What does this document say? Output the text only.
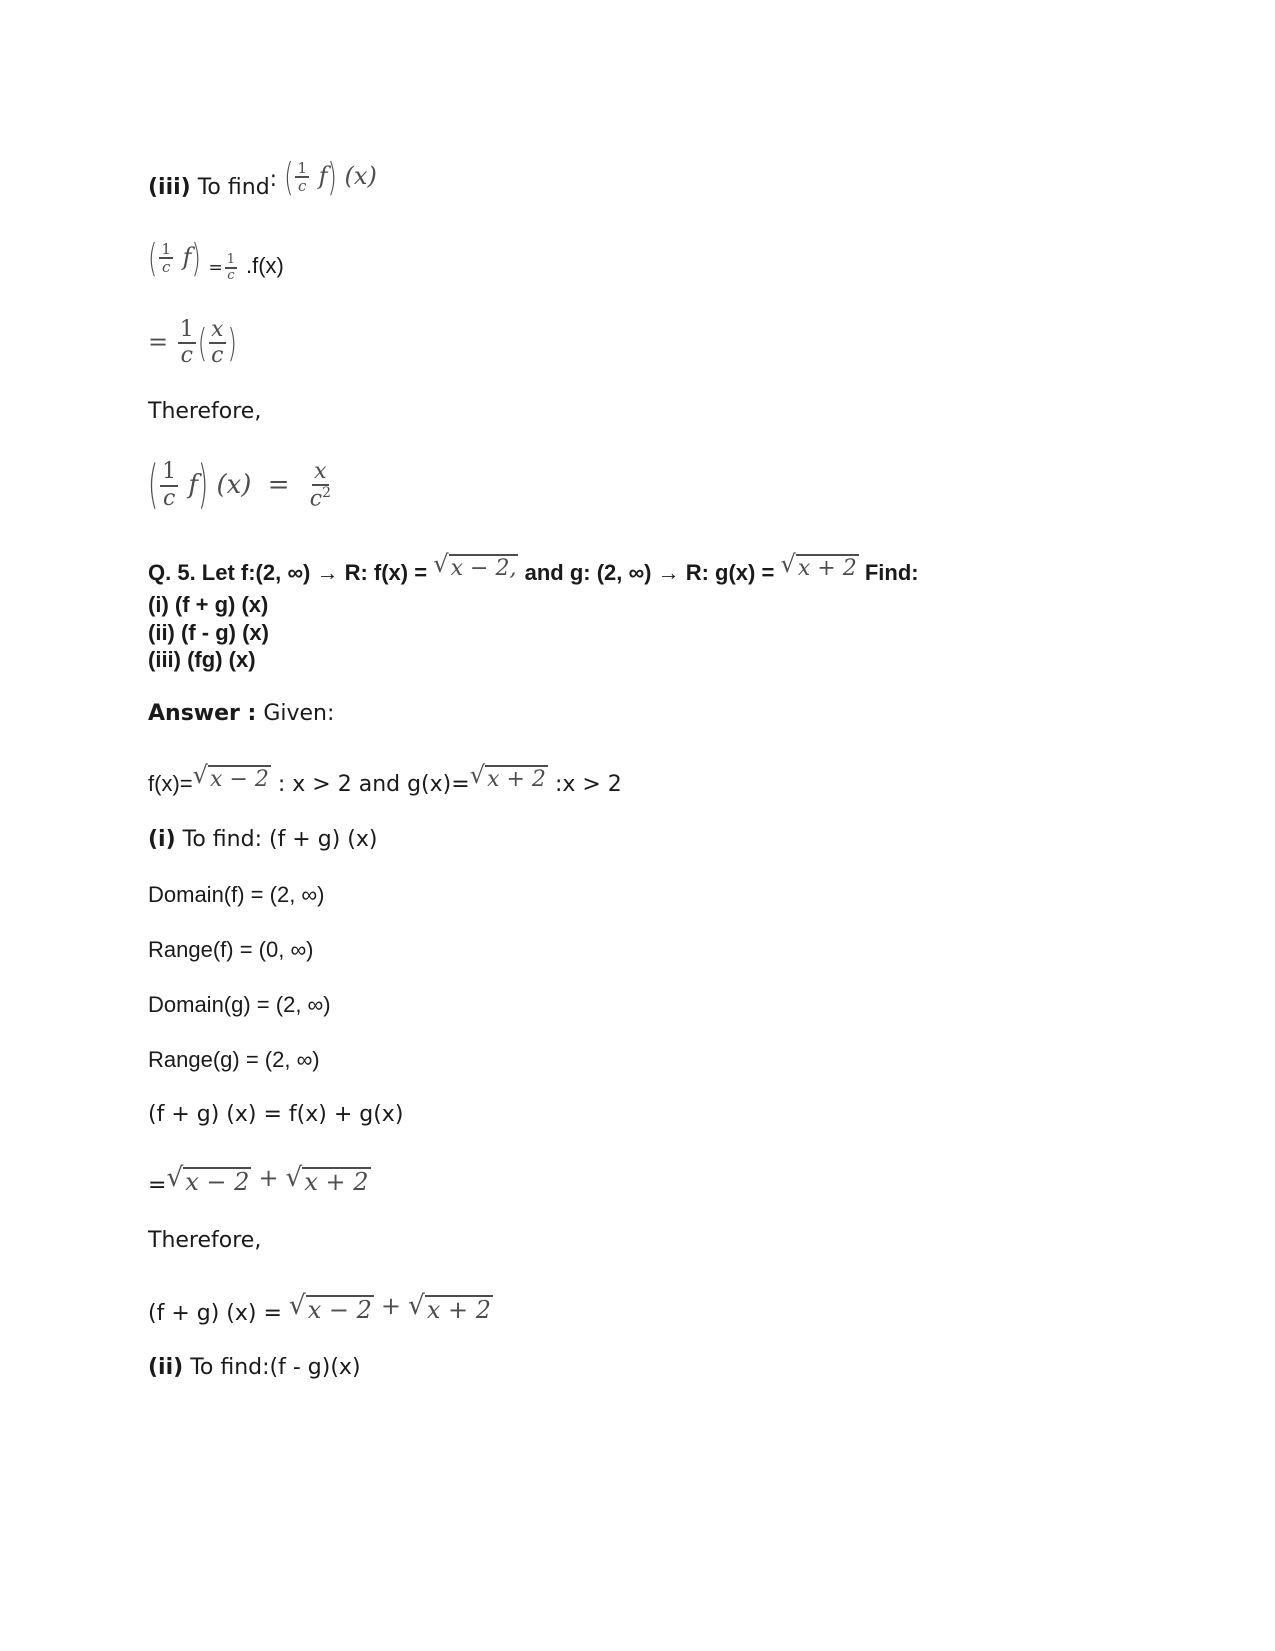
(iii) To find: ( $\frac{1}{c} f$) (x)
( $\frac{1}{c} f$) $_= \frac{1}{c} .f(x)$
= $\frac{1}{c}$ ( $\frac{x}{c}$ )
Therefore,
( $\frac{1}{c} f$) $(x) = \frac{x}{c^2}$
Q. 5. Let f:(2, ∞) → R: f(x) = √ x − 2, and g: (2, ∞) → R: g(x) = √ x + 2 Find:
(i) (f + g) (x)
(ii) (f - g) (x)
(iii) (fg) (x)
Answer : Given:
f(x)= √ x − 2 : x > 2 and g(x)= √ x + 2 :x > 2
(i) To find: (f + g) (x)
Domain(f) = (2, ∞)
Range(f) = (0, ∞)
Domain(g) = (2, ∞)
Range(g) = (2, ∞)
(f + g) (x) = f(x) + g(x)
= √ x − 2 + √ x + 2
Therefore,
(f + g) (x) = √ x − 2 + √ x + 2
(ii) To find:(f - g)(x)
